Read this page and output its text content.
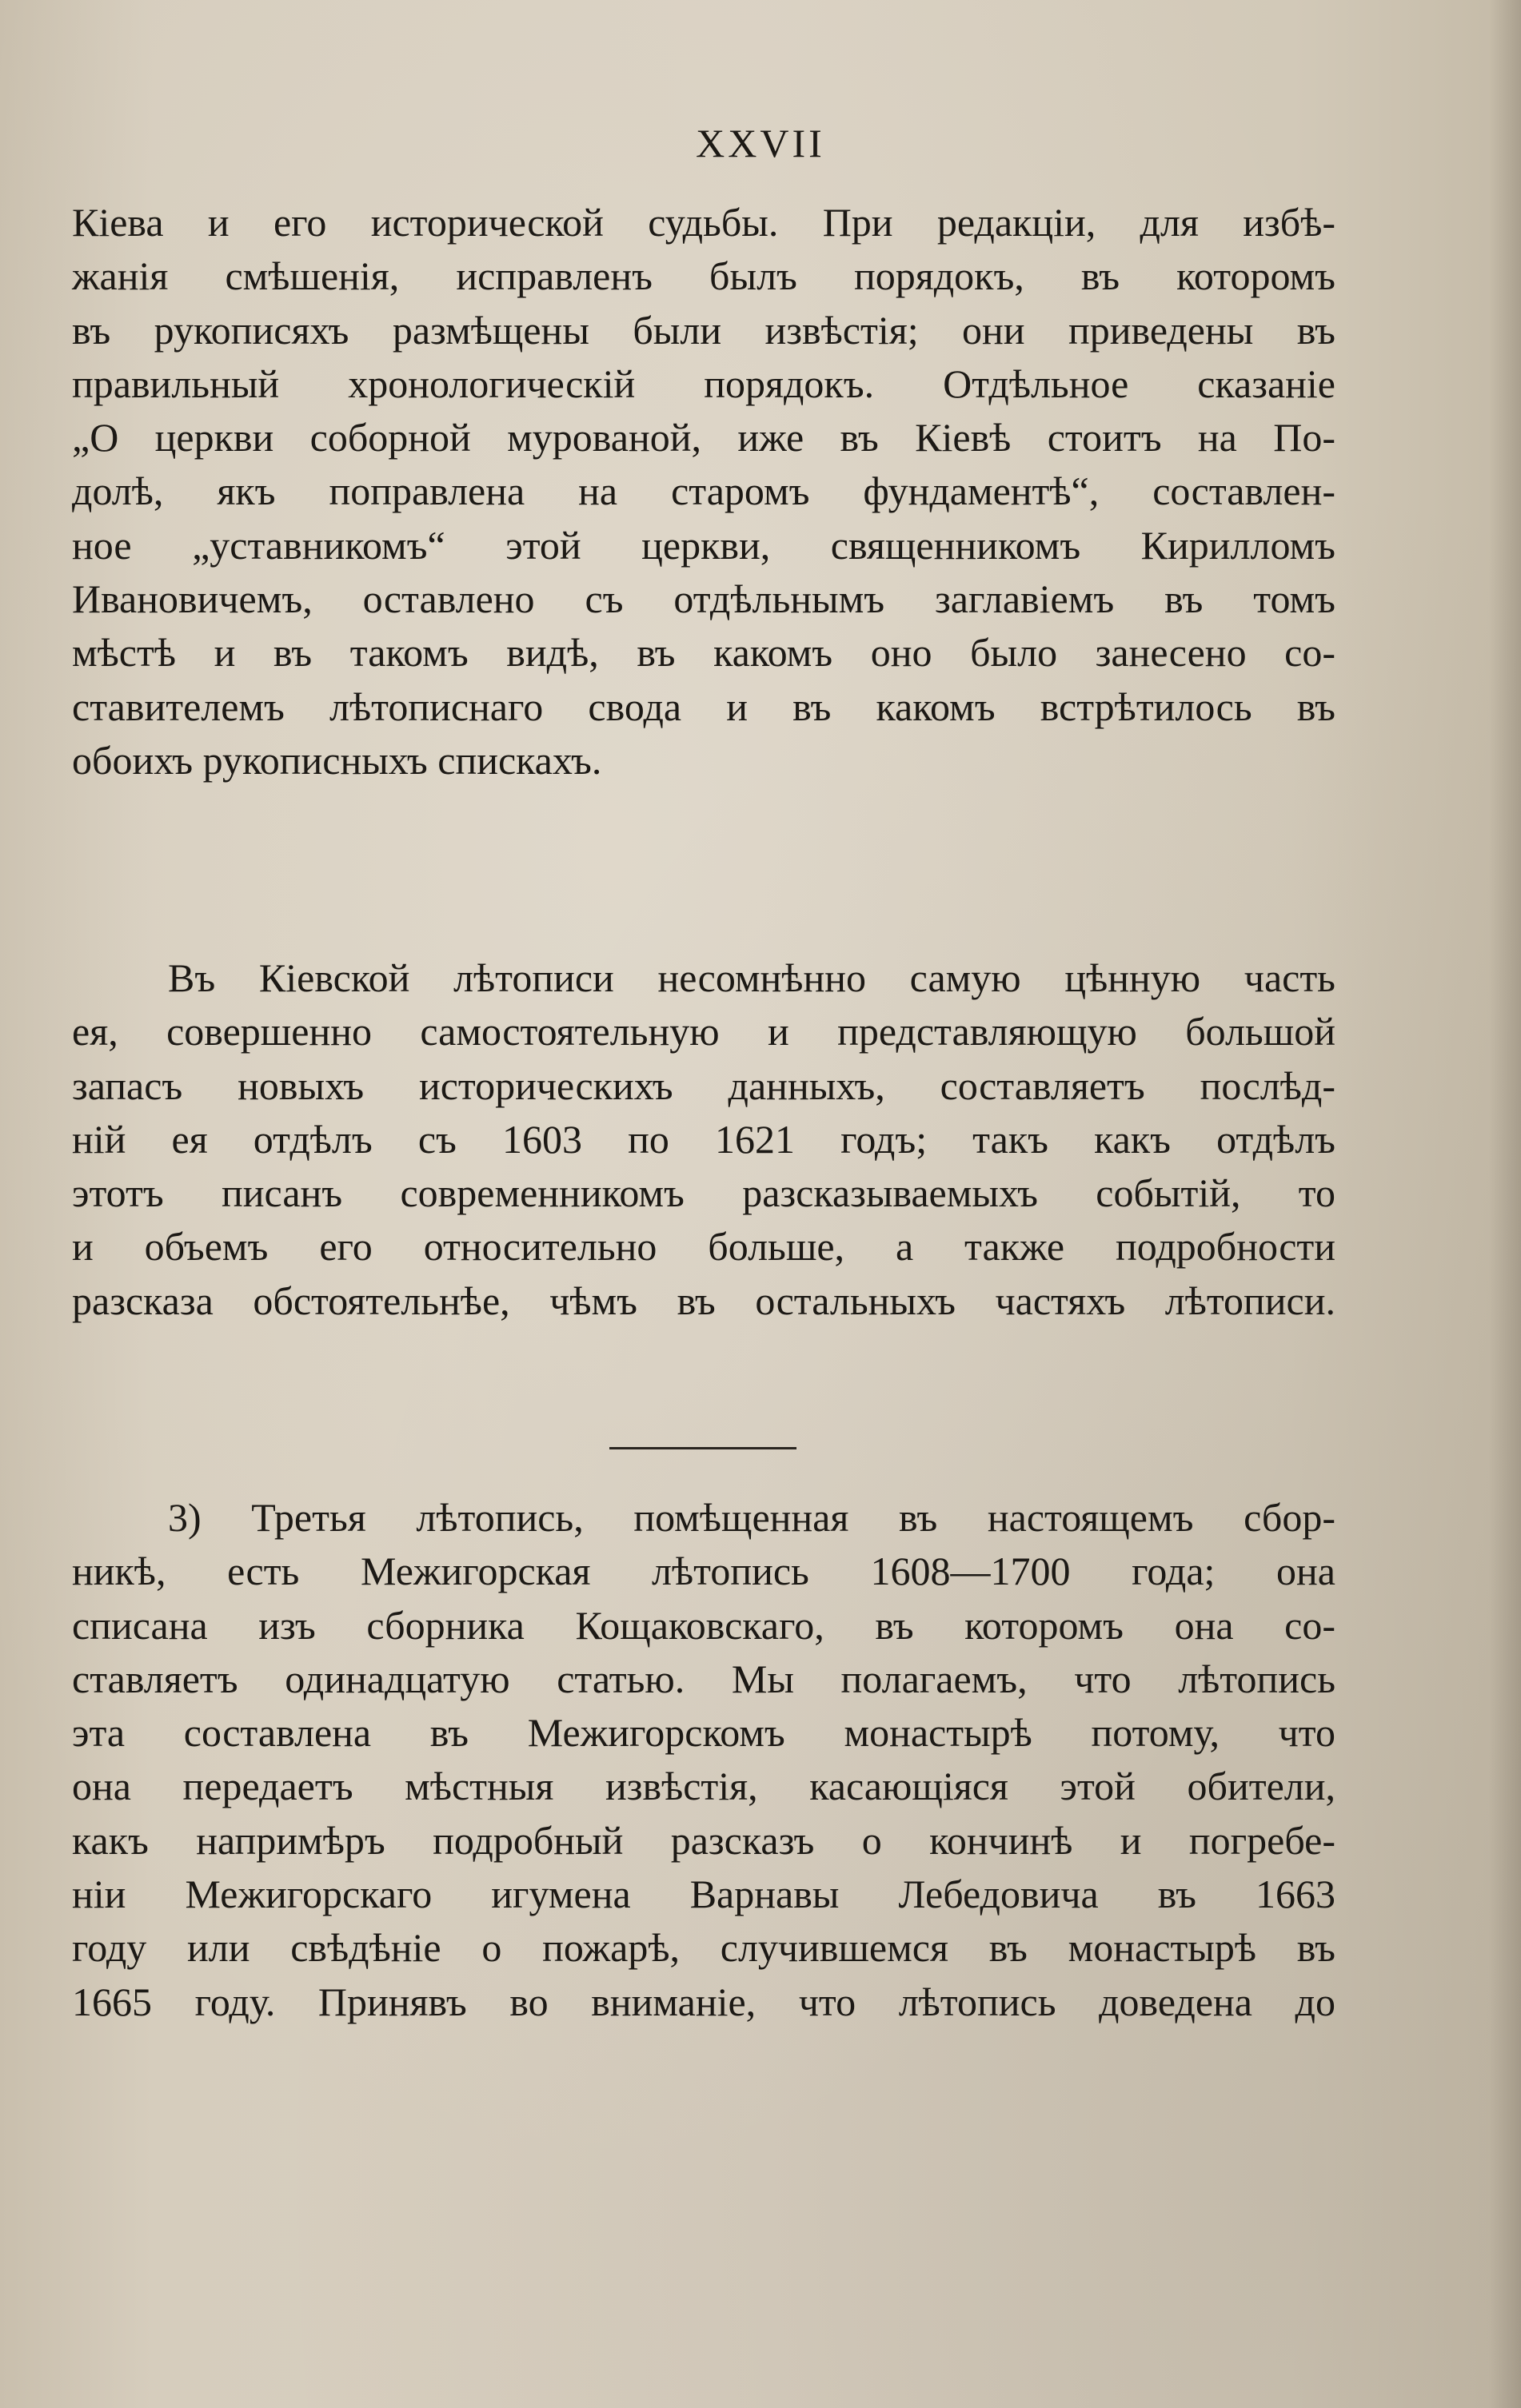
XXVII
Кіева и его исторической судьбы. При редакціи, для избѣ-
жанія смѣшенія, исправленъ былъ порядокъ, въ которомъ
въ рукописяхъ размѣщены были извѣстія; они приведены въ
правильный хронологическій порядокъ. Отдѣльное сказаніе
„О церкви соборной мурованой, иже въ Кіевѣ стоитъ на По-
долѣ, якъ поправлена на старомъ фундаментѣ“, составлен-
ное „уставникомъ“ этой церкви, священникомъ Кирилломъ
Ивановичемъ, оставлено съ отдѣльнымъ заглавіемъ въ томъ
мѣстѣ и въ такомъ видѣ, въ какомъ оно было занесено со-
ставителемъ лѣтописнаго свода и въ какомъ встрѣтилось въ
обоихъ рукописныхъ спискахъ.
Въ Кіевской лѣтописи несомнѣнно самую цѣнную часть
ея, совершенно самостоятельную и представляющую большой
запасъ новыхъ историческихъ данныхъ, составляетъ послѣд-
ній ея отдѣлъ съ 1603 по 1621 годъ; такъ какъ отдѣлъ
этотъ писанъ современникомъ разсказываемыхъ событій, то
и объемъ его относительно больше, а также подробности
разсказа обстоятельнѣе, чѣмъ въ остальныхъ частяхъ лѣтописи.
3) Третья лѣтопись, помѣщенная въ настоящемъ сбор-
никѣ, есть Межигорская лѣтопись 1608—1700 года; она
списана изъ сборника Кощаковскаго, въ которомъ она со-
ставляетъ одинадцатую статью. Мы полагаемъ, что лѣтопись
эта составлена въ Межигорскомъ монастырѣ потому, что
она передаетъ мѣстныя извѣстія, касающіяся этой обители,
какъ напримѣръ подробный разсказъ о кончинѣ и погребе-
ніи Межигорскаго игумена Варнавы Лебедовича въ 1663
году или свѣдѣніе о пожарѣ, случившемся въ монастырѣ въ
1665 году. Принявъ во вниманіе, что лѣтопись доведена до
